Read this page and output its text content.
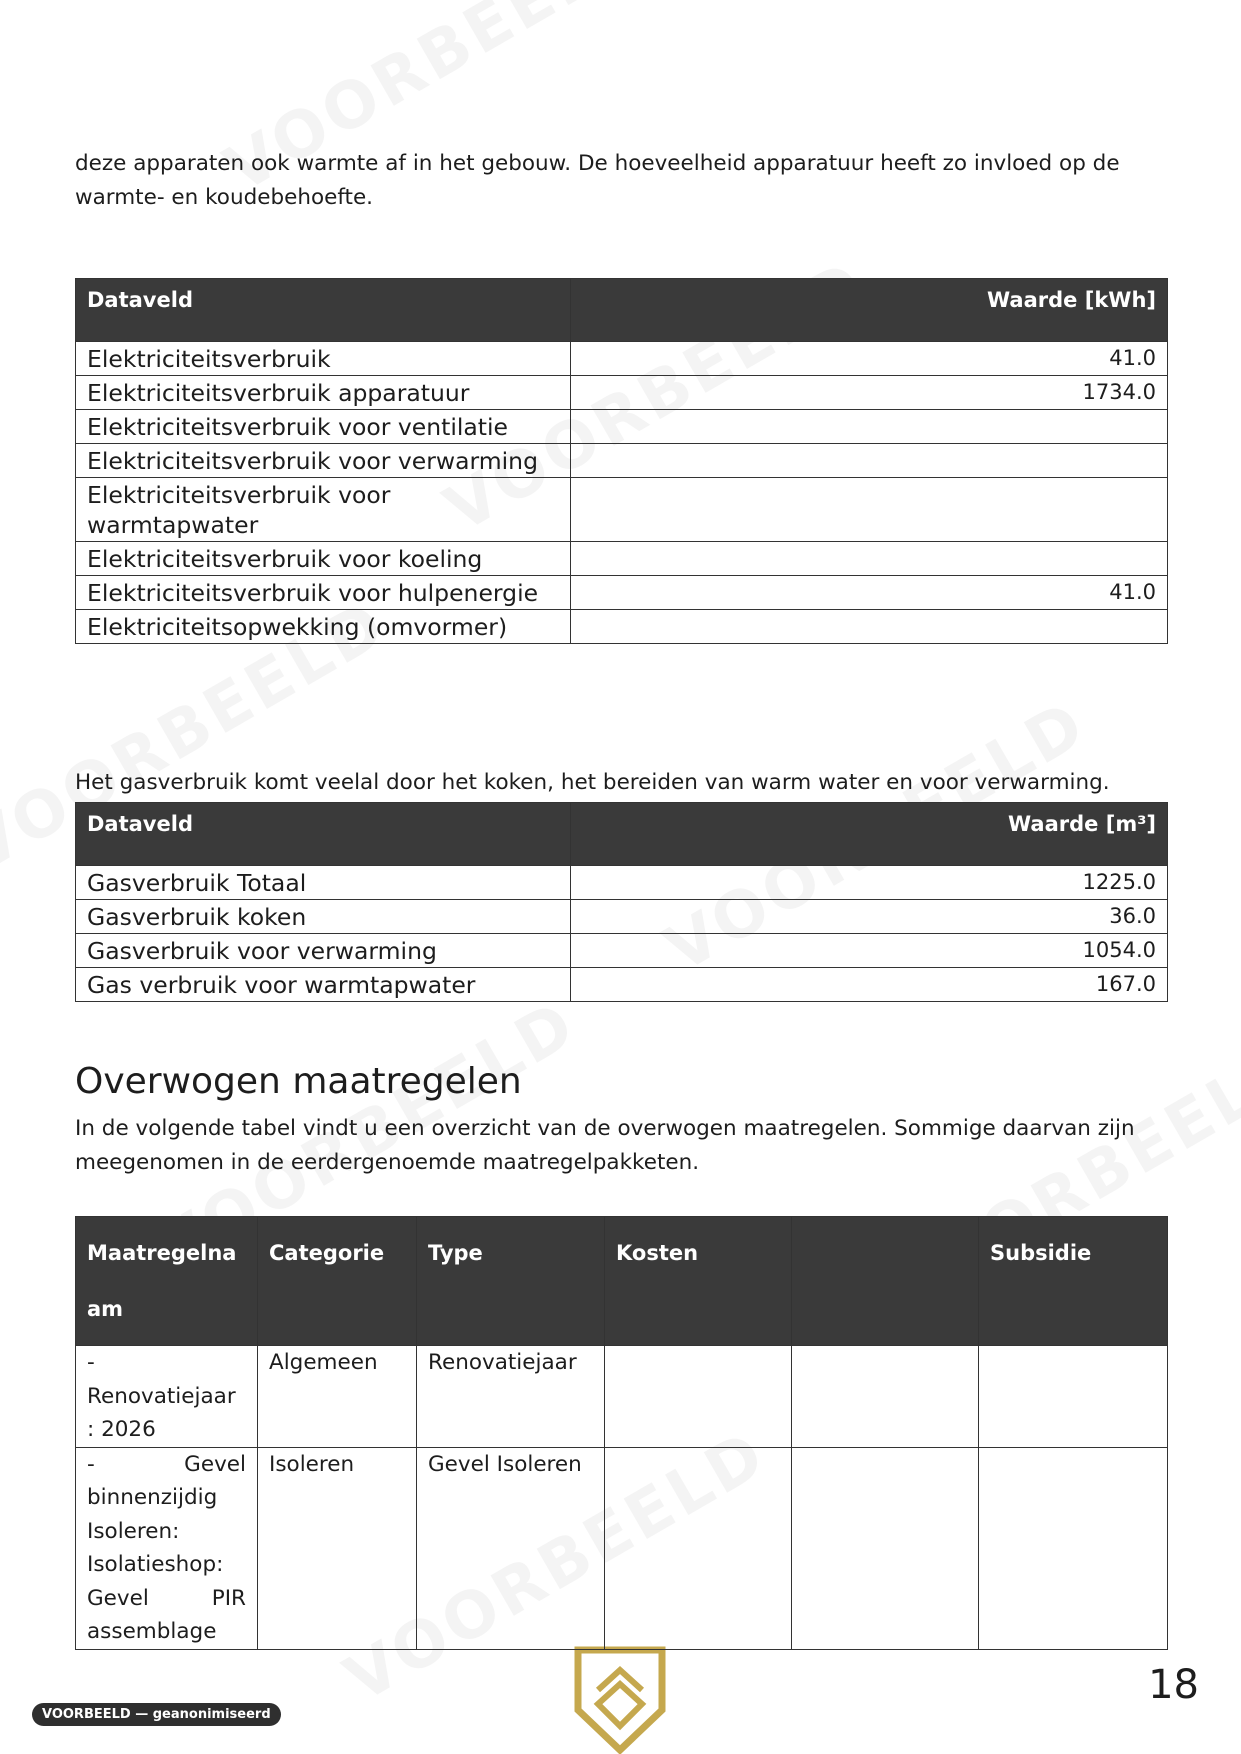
deze apparaten ook warmte af in het gebouw. De hoeveelheid apparatuur heeft zo invloed op de warmte- en koudebehoefte.

Dataveld	Waarde [kWh]
Elektriciteitsverbruik	41.0
Elektriciteitsverbruik apparatuur	1734.0
Elektriciteitsverbruik voor ventilatie	
Elektriciteitsverbruik voor verwarming	
Elektriciteitsverbruik voor warmtapwater	
Elektriciteitsverbruik voor koeling	
Elektriciteitsverbruik voor hulpenergie	41.0
Elektriciteitsopwekking (omvormer)	

Het gasverbruik komt veelal door het koken, het bereiden van warm water en voor verwarming.

Dataveld	Waarde [m³]
Gasverbruik Totaal	1225.0
Gasverbruik koken	36.0
Gasverbruik voor verwarming	1054.0
Gas verbruik voor warmtapwater	167.0
Overwogen maatregelen

In de volgende tabel vindt u een overzicht van de overwogen maatregelen. Sommige daarvan zijn meegenomen in de eerdergenoemde maatregelpakketen.

Maatregelnaam	Categorie	Type	Kosten		Subsidie
- Renovatiejaar : 2026	Algemeen	Renovatiejaar			
- Gevel binnenzijdig Isoleren: Isolatieshop: Gevel PIR assemblage	Isoleren	Gevel Isoleren			
VOORBEELD — geanonimiseerd
18
